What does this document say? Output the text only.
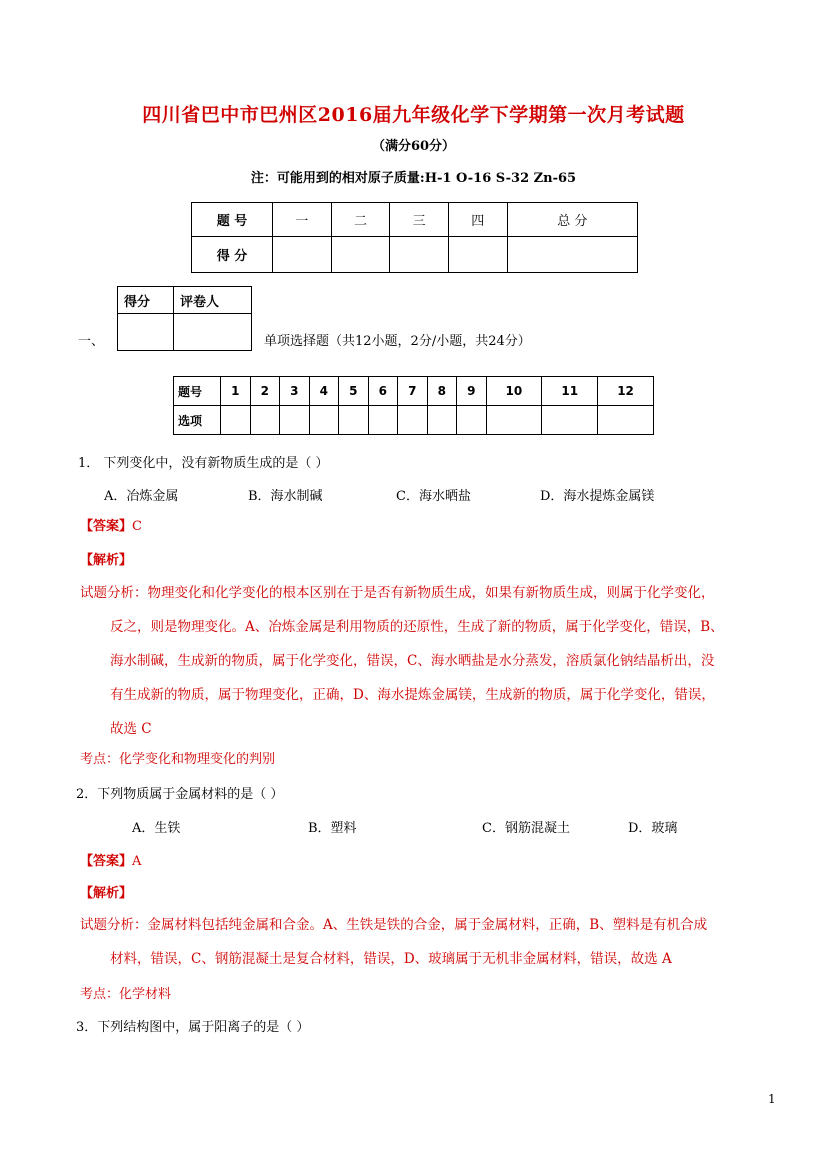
四川省巴中市巴州区2016届九年级化学下学期第一次月考试题
（满分60分）
注：可能用到的相对原子质量:H-1 O-16 S-32 Zn-65
题 号	一	二	三	四	总 分
得 分					
得分	评卷人

一、	单项选择题（共12小题，2分/小题，共24分）
题号	1	2	3	4	5	6	7	8	9	10	11	12
选项												
1． 下列变化中，没有新物质生成的是（ ）
A．冶炼金属	B．海水制碱	C．海水晒盐	D．海水提炼金属镁
【答案】C
【解析】
试题分析：物理变化和化学变化的根本区别在于是否有新物质生成，如果有新物质生成，则属于化学变化，
反之，则是物理变化。A、冶炼金属是利用物质的还原性，生成了新的物质，属于化学变化，错误，B、
海水制碱，生成新的物质，属于化学变化，错误，C、海水晒盐是水分蒸发，溶质氯化钠结晶析出，没
有生成新的物质，属于物理变化，正确，D、海水提炼金属镁，生成新的物质，属于化学变化，错误，
故选 C
考点：化学变化和物理变化的判别
2．下列物质属于金属材料的是（ ）
A．生铁	B．塑料	C．钢筋混凝土	D．玻璃
【答案】A
【解析】
试题分析：金属材料包括纯金属和合金。A、生铁是铁的合金，属于金属材料，正确，B、塑料是有机合成
材料，错误，C、钢筋混凝土是复合材料，错误，D、玻璃属于无机非金属材料，错误，故选 A
考点：化学材料
3．下列结构图中，属于阳离子的是（ ）
1
